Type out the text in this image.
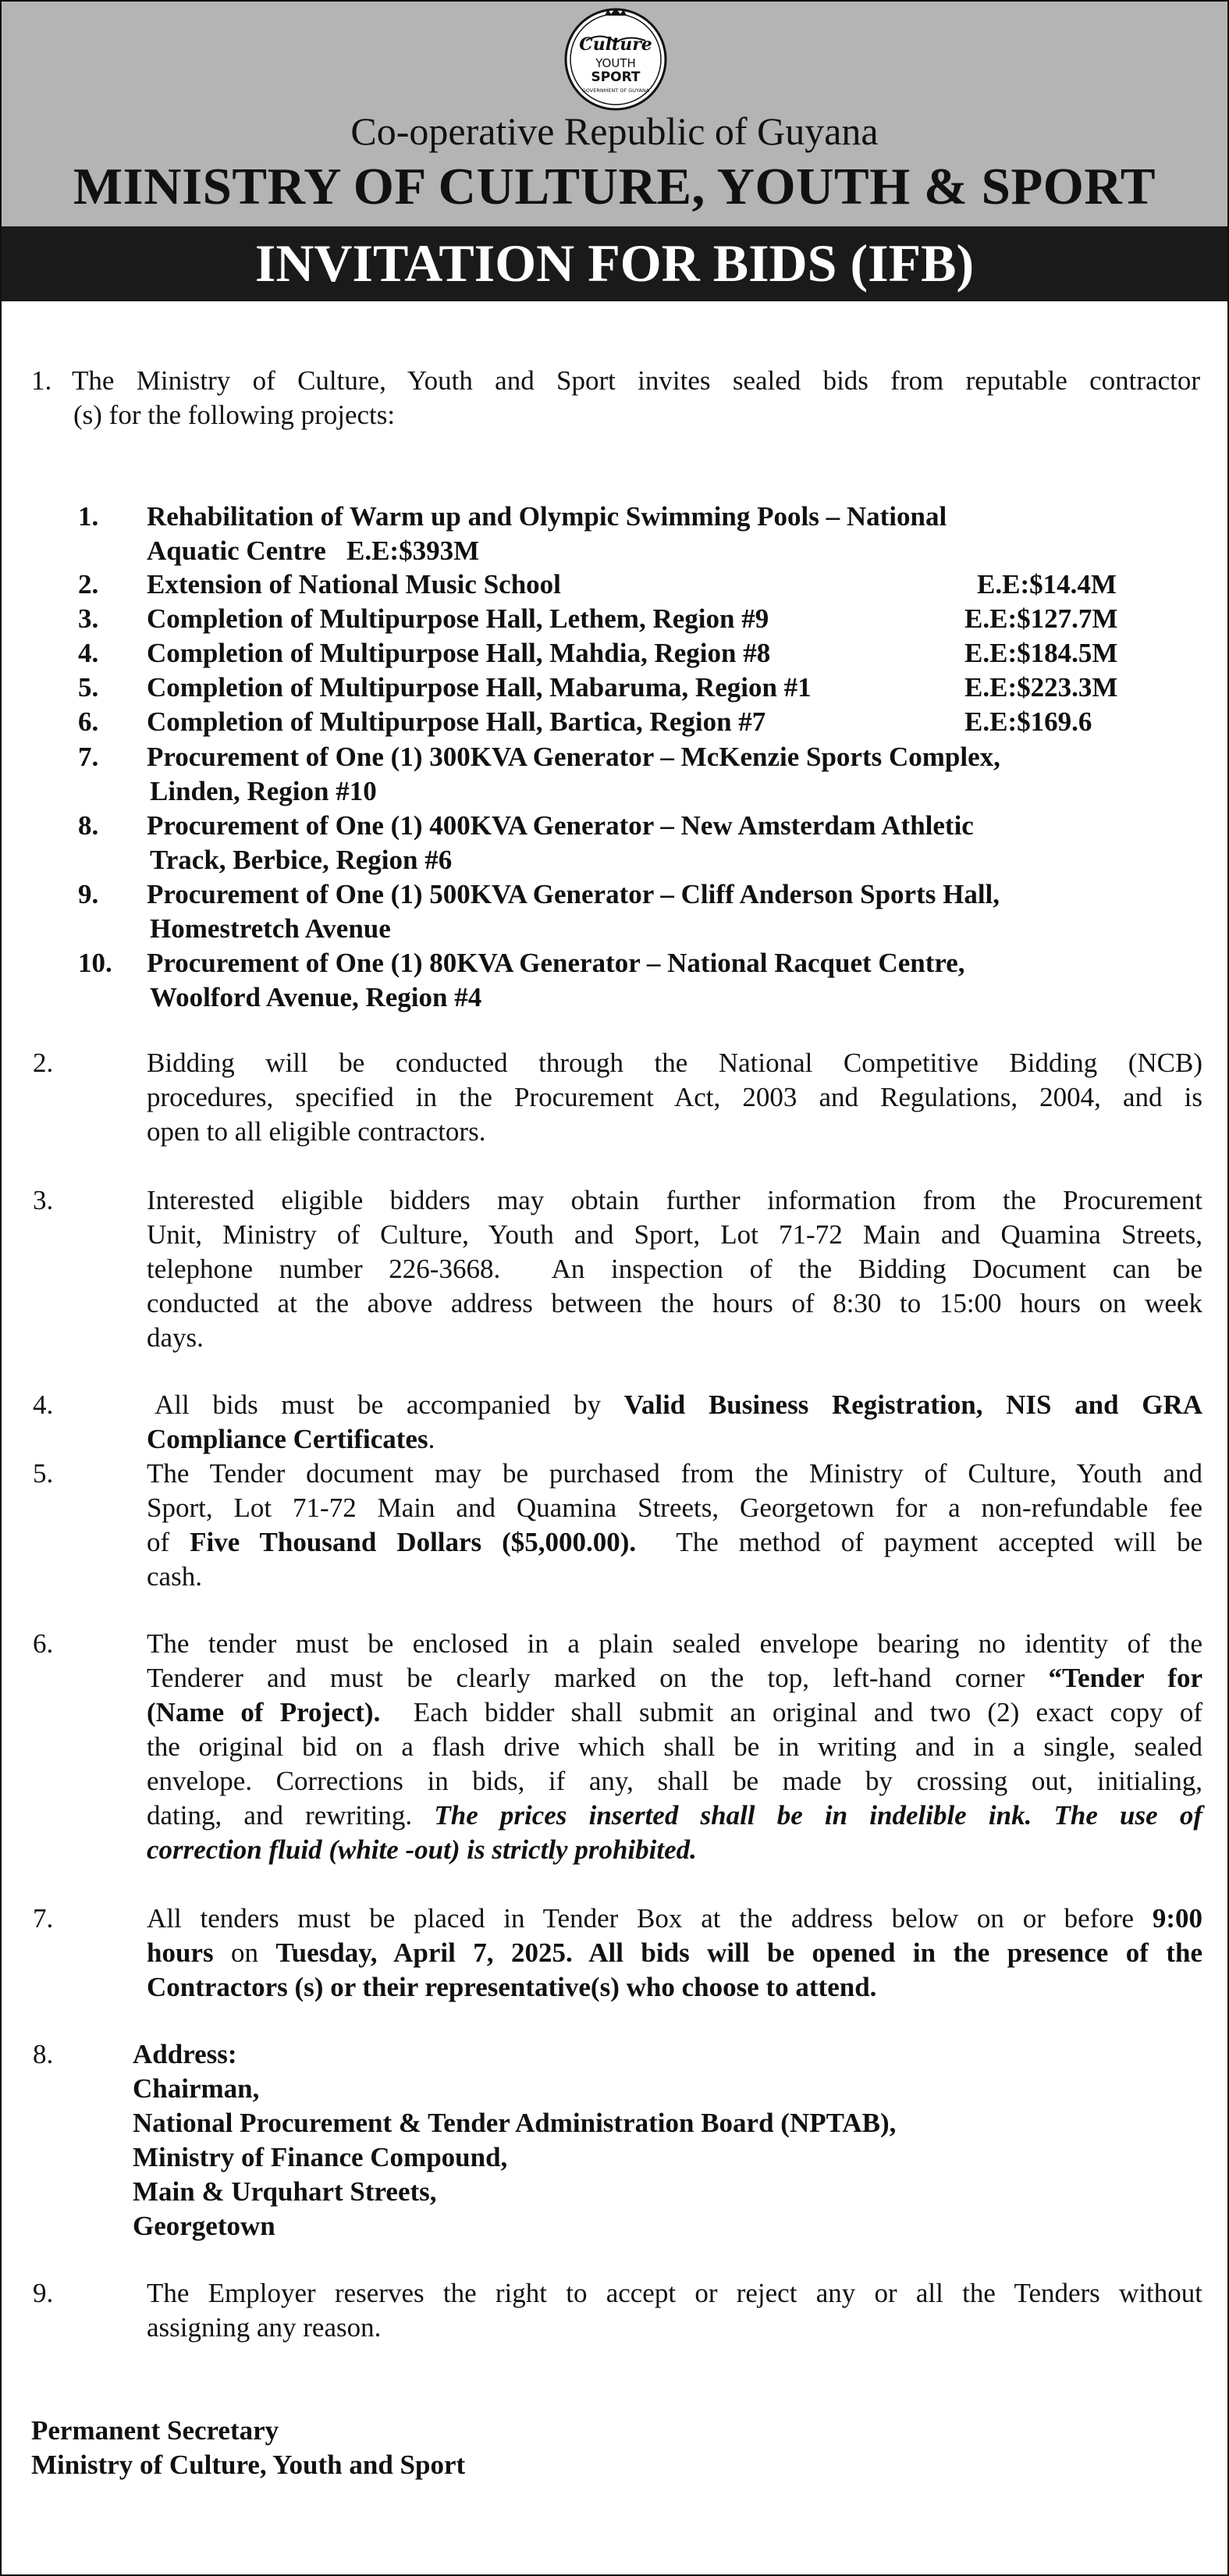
Culture
YOUTH
SPORT
GOVERNMENT OF GUYANA
Co-operative Republic of Guyana
MINISTRY OF CULTURE, YOUTH & SPORT
INVITATION FOR BIDS (IFB)
1. The Ministry of Culture, Youth and Sport invites sealed bids from reputable contractor
(s) for the following projects:
1. Rehabilitation of Warm up and Olympic Swimming Pools – National
Aquatic Centre   E.E:$393M
2. Extension of National Music School	E.E:$14.4M
3. Completion of Multipurpose Hall, Lethem, Region #9	E.E:$127.7M
4. Completion of Multipurpose Hall, Mahdia, Region #8	E.E:$184.5M
5. Completion of Multipurpose Hall, Mabaruma, Region #1	E.E:$223.3M
6. Completion of Multipurpose Hall, Bartica, Region #7	E.E:$169.6
7. Procurement of One (1) 300KVA Generator – McKenzie Sports Complex,
Linden, Region #10
8. Procurement of One (1) 400KVA Generator – New Amsterdam Athletic
Track, Berbice, Region #6
9. Procurement of One (1) 500KVA Generator – Cliff Anderson Sports Hall,
Homestretch Avenue
10. Procurement of One (1) 80KVA Generator – National Racquet Centre,
Woolford Avenue, Region #4
2.	Bidding will be conducted through the National Competitive Bidding (NCB)
procedures, specified in the Procurement Act, 2003 and Regulations, 2004, and is
open to all eligible contractors.
3.	Interested eligible bidders may obtain further information from the Procurement
Unit, Ministry of Culture, Youth and Sport, Lot 71-72 Main and Quamina Streets,
telephone number 226-3668.  An inspection of the Bidding Document can be
conducted at the above address between the hours of 8:30 to 15:00 hours on week
days.
4.	All bids must be accompanied by Valid Business Registration, NIS and GRA
Compliance Certificates.
5.	The Tender document may be purchased from the Ministry of Culture, Youth and
Sport, Lot 71-72 Main and Quamina Streets, Georgetown for a non-refundable fee
of Five Thousand Dollars ($5,000.00).  The method of payment accepted will be
cash.
6.	The tender must be enclosed in a plain sealed envelope bearing no identity of the
Tenderer and must be clearly marked on the top, left-hand corner “Tender for
(Name of Project).  Each bidder shall submit an original and two (2) exact copy of
the original bid on a flash drive which shall be in writing and in a single, sealed
envelope. Corrections in bids, if any, shall be made by crossing out, initialing,
dating, and rewriting. The prices inserted shall be in indelible ink. The use of
correction fluid (white -out) is strictly prohibited.
7.	All tenders must be placed in Tender Box at the address below on or before 9:00
hours on Tuesday, April 7, 2025. All bids will be opened in the presence of the
Contractors (s) or their representative(s) who choose to attend.
8.	Address:
Chairman,
National Procurement & Tender Administration Board (NPTAB),
Ministry of Finance Compound,
Main & Urquhart Streets,
Georgetown
9.	The Employer reserves the right to accept or reject any or all the Tenders without
assigning any reason.
Permanent Secretary
Ministry of Culture, Youth and Sport
